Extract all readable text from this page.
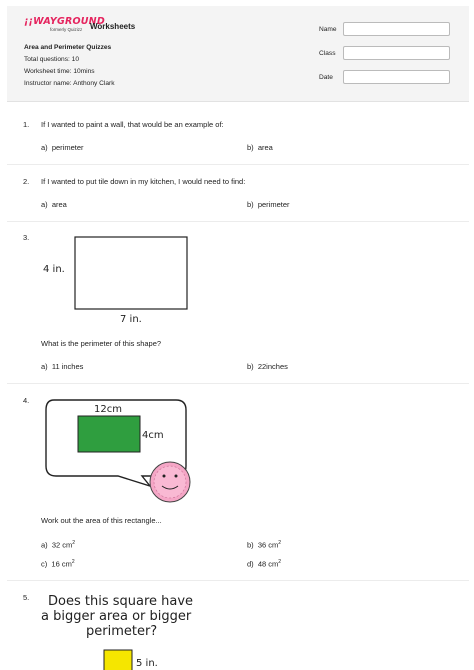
¡¡WAYGROUND
formerly Quizizz Worksheets
Area and Perimeter Quizzes
Total questions: 10
Worksheet time: 10mins
Instructor name: Anthony Clark
Name
Class
Date
1. If I wanted to paint a wall, that would be an example of:
a) perimeter	b) area
2. If I wanted to put tile down in my kitchen, I would need to find:
a) area	b) perimeter
3.
4 in.
7 in.
What is the perimeter of this shape?
a) 11 inches	b) 22inches
4.
12cm
4cm
Work out the area of this rectangle...
a) 32 $cm^2$	b) 36 $cm^2$
c) 16 $cm^2$	d) 48 $cm^2$
5. Does this square have
a bigger area or bigger
perimeter?
5 in.
